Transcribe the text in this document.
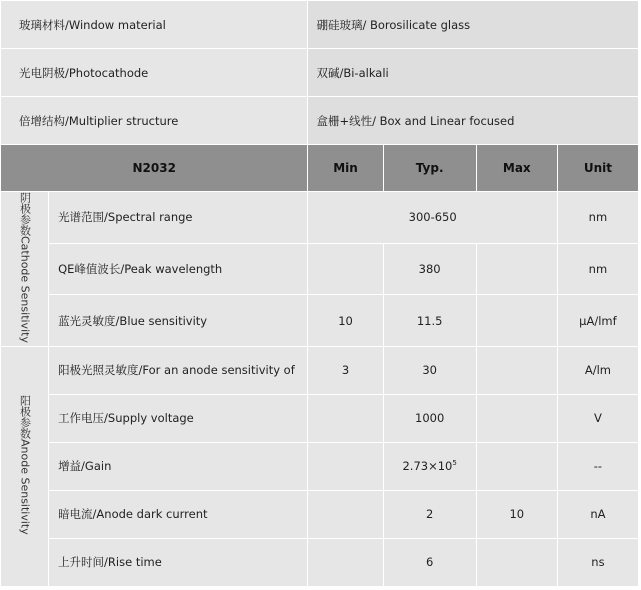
玻璃材料/Window material		硼硅玻璃/ Borosilicate glass			
光电阴极/Photocathode		双碱/Bi-alkali			
倍增结构/Multiplier structure		盒栅+线性/ Box and Linear focused			
N2032		Min	Typ.	Max	Unit
阴极参数Cathode Sensitivity	光谱范围/Spectral range	300-650			nm
	QE峰值波长/Peak wavelength		380		nm
	蓝光灵敏度/Blue sensitivity	10	11.5		µA/lmf
阳极参数Anode Sensitivity	阳极光照灵敏度/For an anode sensitivity of	3	30		A/lm
	工作电压/Supply voltage		1000		V
	增益/Gain		$2.73\times 10^5$		--
	暗电流/Anode dark current		2	10	nA
	上升时间/Rise time		6		ns
